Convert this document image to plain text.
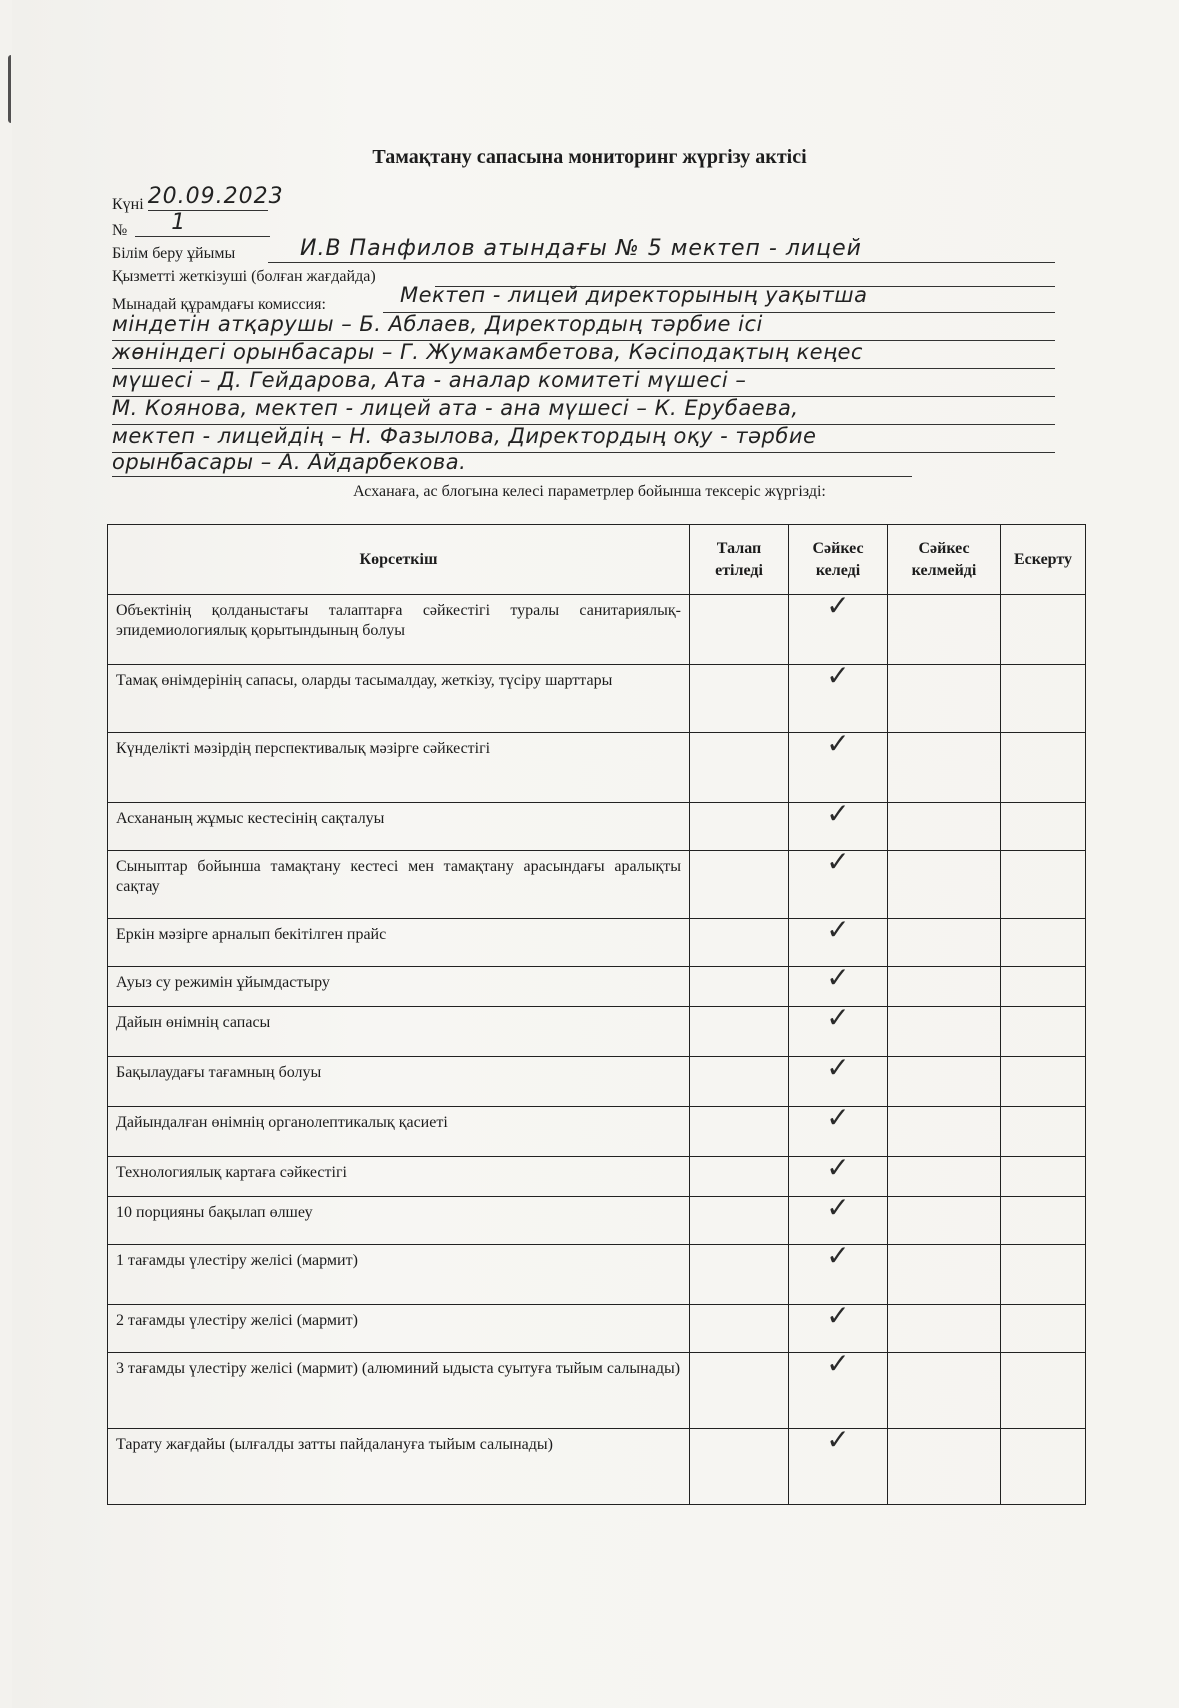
Тамақтану сапасына мониторинг жүргізу актісі
Күні 20.09.2023
№ 1
Білім беру ұйымы	И.В Панфилов атындағы № 5 мектеп - лицей
Қызметті жеткізуші (болған жағдайда)
Мынадай құрамдағы комиссия:	Мектеп - лицей директорының уақытша
міндетін атқарушы – Б. Аблаев, Директордың тәрбие ісі
жөніндегі орынбасары – Г. Жумакамбетова, Кәсіподақтың кеңес
мүшесі – Д. Гейдарова, Ата - аналар комитеті мүшесі –
М. Коянова, мектеп - лицей ата - ана мүшесі – К. Ерубаева,
мектеп - лицейдің – Н. Фазылова, Директордың оқу - тәрбие
орынбасары – А. Айдарбекова.
Асханаға, ас блогына келесі параметрлер бойынша тексеріс жүргізді:
Көрсеткіш	Талап етіледі	Сәйкес келеді	Сәйкес келмейді	Ескерту
Объектінің қолданыстағы талаптарға сәйкестігі туралы санитариялық-эпидемиологиялық қорытындының болуы		✓		
Тамақ өнімдерінің сапасы, оларды тасымалдау, жеткізу, түсіру шарттары		✓		
Күнделікті мәзірдің перспективалық мәзірге сәйкестігі		✓		
Асхананың жұмыс кестесінің сақталуы		✓		
Сыныптар бойынша тамақтану кестесі мен тамақтану арасындағы аралықты сақтау		✓		
Еркін мәзірге арналып бекітілген прайс		✓		
Ауыз су режимін ұйымдастыру		✓		
Дайын өнімнің сапасы		✓		
Бақылаудағы тағамның болуы		✓		
Дайындалған өнімнің органолептикалық қасиеті		✓		
Технологиялық картаға сәйкестігі		✓		
10 порцияны бақылап өлшеу		✓		
1 тағамды үлестіру желісі (мармит)		✓		
2 тағамды үлестіру желісі (мармит)		✓		
3 тағамды үлестіру желісі (мармит) (алюминий ыдыста суытуға тыйым салынады)		✓		
Тарату жағдайы (ылғалды затты пайдалануға тыйым салынады)		✓		
